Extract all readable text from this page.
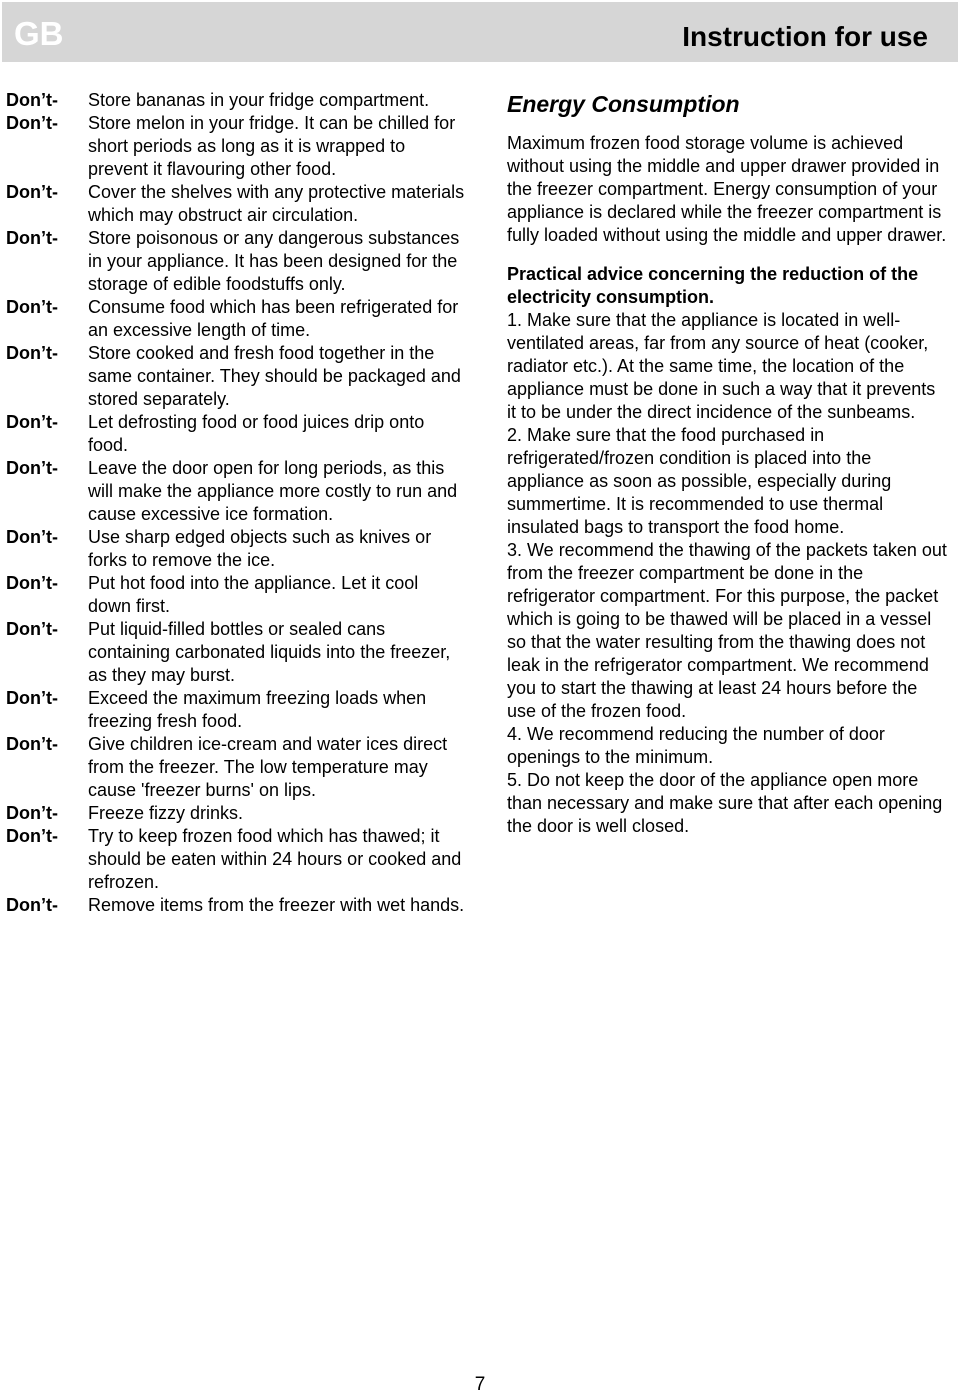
GB	Instruction for use
Don’t-	Store bananas in your fridge compartment.
Don’t-	Store melon in your fridge. It can be chilled for short periods as long as it is wrapped to prevent it flavouring other food.
Don’t-	Cover the shelves with any protective materials which may obstruct air circulation.
Don’t-	Store poisonous or any dangerous substances in your appliance. It has been designed for the storage of edible foodstuffs only.
Don’t-	Consume food which has been refrigerated for an excessive length of time.
Don’t-	Store cooked and fresh food together in the same container. They should be packaged and stored separately.
Don’t-	Let defrosting food or food juices drip onto food.
Don’t-	Leave the door open for long periods, as this will make the appliance more costly to run and cause excessive ice formation.
Don’t-	Use sharp edged objects such as knives or forks to remove the ice.
Don’t-	Put hot food into the appliance. Let it cool down first.
Don’t-	Put liquid-filled bottles or sealed cans containing carbonated liquids into the freezer, as they may burst.
Don’t-	Exceed the maximum freezing loads when freezing fresh food.
Don’t-	Give children ice-cream and water ices direct from the freezer. The low temperature may cause 'freezer burns' on lips.
Don’t-	Freeze fizzy drinks.
Don’t-	Try to keep frozen food which has thawed; it should be eaten within 24 hours or cooked and refrozen.
Don’t-	Remove items from the freezer with wet hands.
Energy Consumption

Maximum frozen food storage volume is achieved without using the middle and upper drawer provided in the freezer compartment. Energy consumption of your appliance is declared while the freezer compartment is fully loaded without using the middle and upper drawer.

Practical advice concerning the reduction of the electricity consumption.

1. Make sure that the appliance is located in well-ventilated areas, far from any source of heat (cooker, radiator etc.). At the same time, the location of the appliance must be done in such a way that it prevents it to be under the direct incidence of the sunbeams.

2. Make sure that the food purchased in refrigerated/frozen condition is placed into the appliance as soon as possible, especially during summertime. It is recommended to use thermal insulated bags to transport the food home.

3. We recommend the thawing of the packets taken out from the freezer compartment be done in the refrigerator compartment. For this purpose, the packet which is going to be thawed will be placed in a vessel so that the water resulting from the thawing does not leak in the refrigerator compartment. We recommend you to start the thawing at least 24 hours before the use of the frozen food.

4. We recommend reducing the number of door openings to the minimum.

5. Do not keep the door of the appliance open more than necessary and make sure that after each opening the door is well closed.

7
